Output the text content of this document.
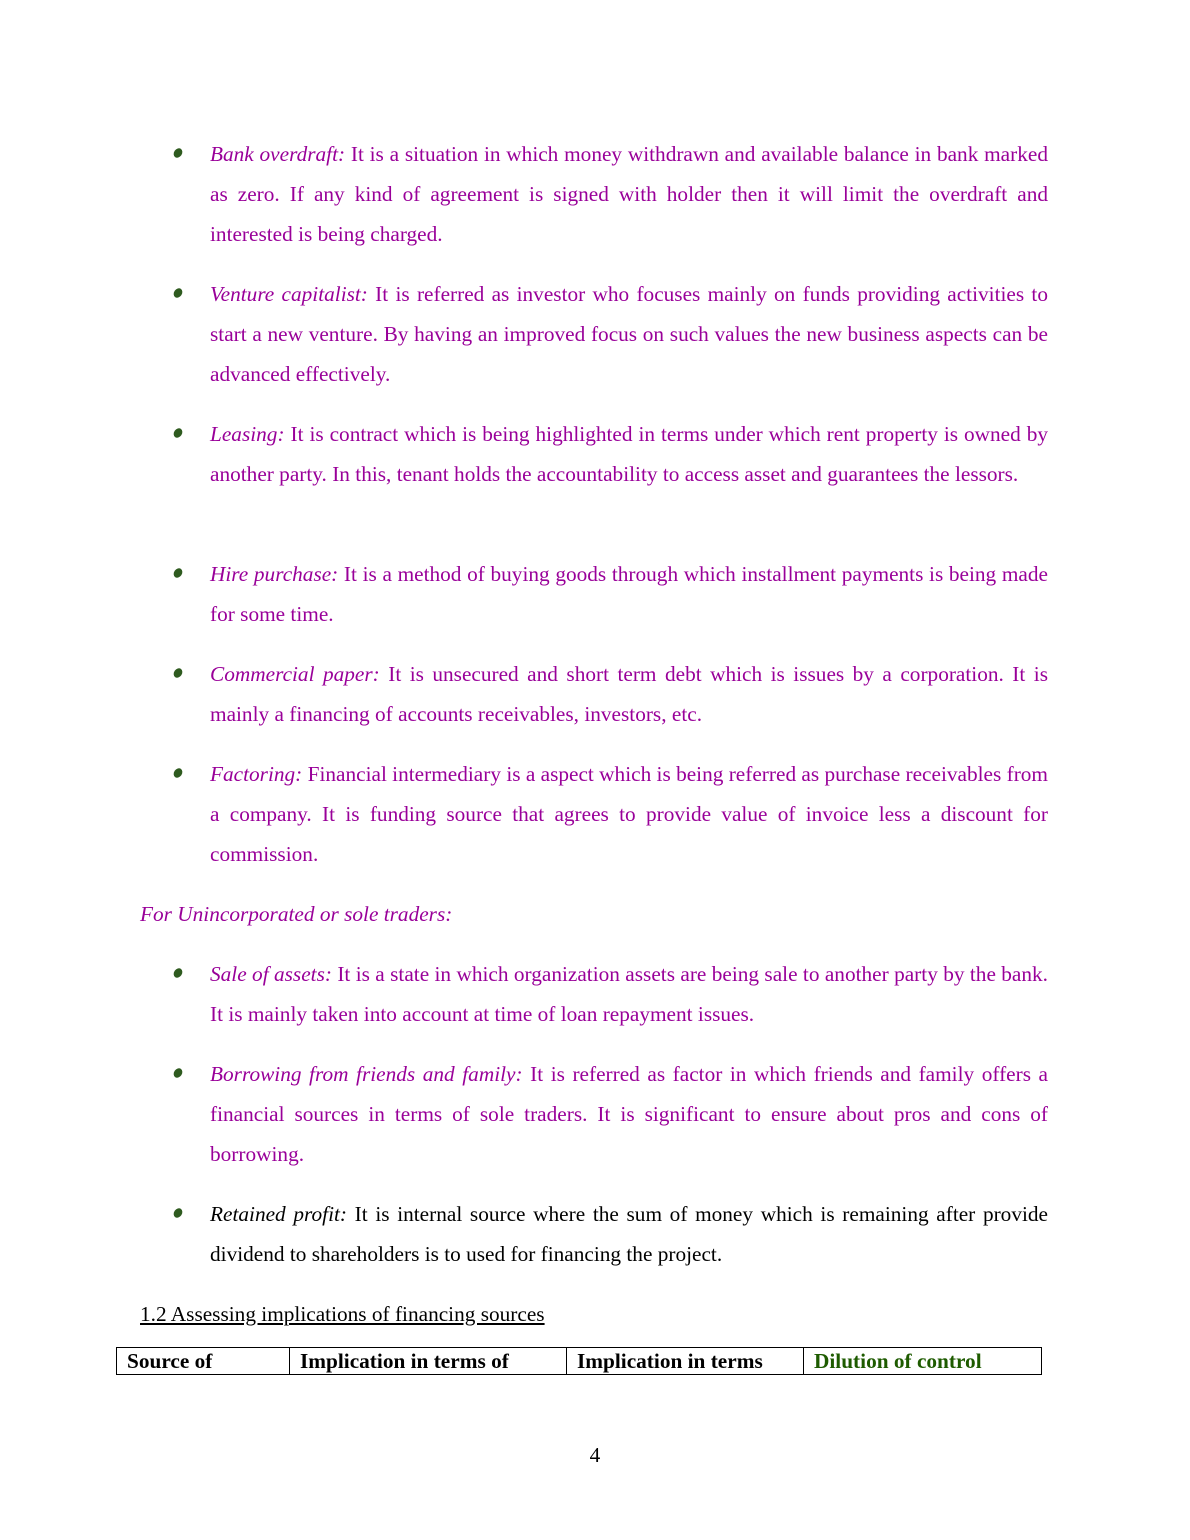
Bank overdraft: It is a situation in which money withdrawn and available balance in bank marked as zero. If any kind of agreement is signed with holder then it will limit the overdraft and interested is being charged.
Venture capitalist: It is referred as investor who focuses mainly on funds providing activities to start a new venture. By having an improved focus on such values the new business aspects can be advanced effectively.
Leasing: It is contract which is being highlighted in terms under which rent property is owned by another party. In this, tenant holds the accountability to access asset and guarantees the lessors.
Hire purchase: It is a method of buying goods through which installment payments is being made for some time.
Commercial paper: It is unsecured and short term debt which is issues by a corporation. It is mainly a financing of accounts receivables, investors, etc.
Factoring: Financial intermediary is a aspect which is being referred as purchase receivables from a company. It is funding source that agrees to provide value of invoice less a discount for commission.
For Unincorporated or sole traders:
Sale of assets: It is a state in which organization assets are being sale to another party by the bank. It is mainly taken into account at time of loan repayment issues.
Borrowing from friends and family: It is referred as factor in which friends and family offers a financial sources in terms of sole traders. It is significant to ensure about pros and cons of borrowing.
Retained profit: It is internal source where the sum of money which is remaining after provide dividend to shareholders is to used for financing the project.
1.2 Assessing implications of financing sources
Source of	Implication in terms of	Implication in terms	Dilution of control
4
